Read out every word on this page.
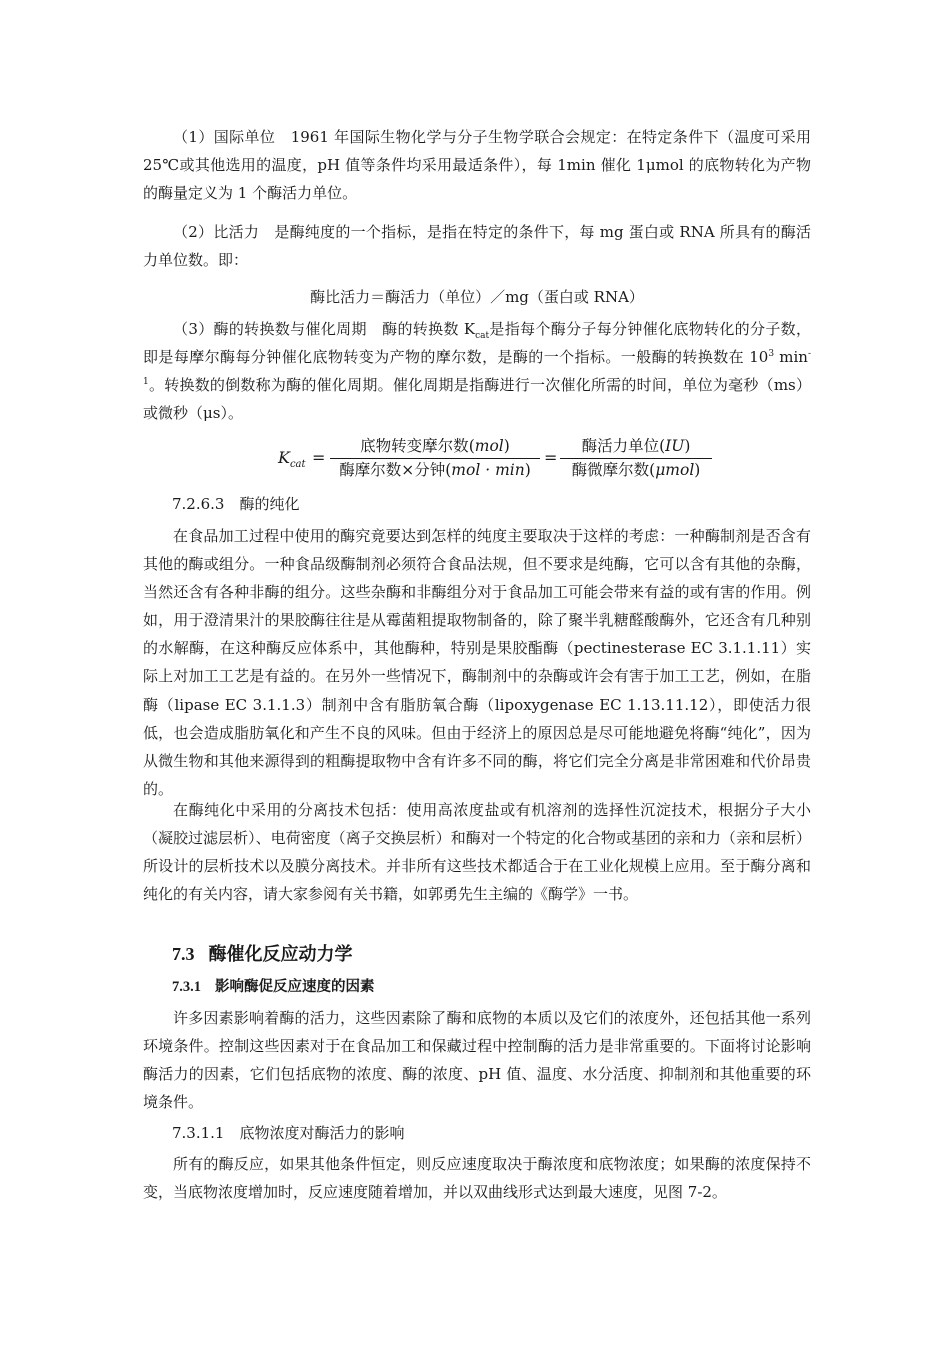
（1）国际单位　1961 年国际生物化学与分子生物学联合会规定：在特定条件下（温度可采用 25℃或其他选用的温度，pH 值等条件均采用最适条件），每 1min 催化 1μmol 的底物转化为产物的酶量定义为 1 个酶活力单位。

（2）比活力　是酶纯度的一个指标，是指在特定的条件下，每 mg 蛋白或 RNA 所具有的酶活力单位数。即：

酶比活力＝酶活力（单位）／mg（蛋白或 RNA）

（3）酶的转换数与催化周期　酶的转换数 $K_{cat}$是指每个酶分子每分钟催化底物转化的分子数，即是每摩尔酶每分钟催化底物转变为产物的摩尔数，是酶的一个指标。一般酶的转换数在 $10^3$ $\min^{-1}$。转换数的倒数称为酶的催化周期。催化周期是指酶进行一次催化所需的时间，单位为毫秒（ms）或微秒（μs）。

$K_{cat}$ =
底物转变摩尔数(mol)
酶摩尔数×分钟(mol · min)
=
酶活力单位(IU)
酶微摩尔数(μmol)

7.2.6.3　酶的纯化

在食品加工过程中使用的酶究竟要达到怎样的纯度主要取决于这样的考虑：一种酶制剂是否含有其他的酶或组分。一种食品级酶制剂必须符合食品法规，但不要求是纯酶，它可以含有其他的杂酶，当然还含有各种非酶的组分。这些杂酶和非酶组分对于食品加工可能会带来有益的或有害的作用。例如，用于澄清果汁的果胶酶往往是从霉菌粗提取物制备的，除了聚半乳糖醛酸酶外，它还含有几种别的水解酶，在这种酶反应体系中，其他酶种，特别是果胶酯酶（pectinesterase EC 3.1.1.11）实际上对加工工艺是有益的。在另外一些情况下，酶制剂中的杂酶或许会有害于加工工艺，例如，在脂酶（lipase EC 3.1.1.3）制剂中含有脂肪氧合酶（lipoxygenase EC 1.13.11.12），即使活力很低，也会造成脂肪氧化和产生不良的风味。但由于经济上的原因总是尽可能地避免将酶“纯化”，因为从微生物和其他来源得到的粗酶提取物中含有许多不同的酶，将它们完全分离是非常困难和代价昂贵的。

在酶纯化中采用的分离技术包括：使用高浓度盐或有机溶剂的选择性沉淀技术，根据分子大小（凝胶过滤层析）、电荷密度（离子交换层析）和酶对一个特定的化合物或基团的亲和力（亲和层析）所设计的层析技术以及膜分离技术。并非所有这些技术都适合于在工业化规模上应用。至于酶分离和纯化的有关内容，请大家参阅有关书籍，如郭勇先生主编的《酶学》一书。

7.3 酶催化反应动力学

7.3.1 影响酶促反应速度的因素

许多因素影响着酶的活力，这些因素除了酶和底物的本质以及它们的浓度外，还包括其他一系列环境条件。控制这些因素对于在食品加工和保藏过程中控制酶的活力是非常重要的。下面将讨论影响酶活力的因素，它们包括底物的浓度、酶的浓度、pH 值、温度、水分活度、抑制剂和其他重要的环境条件。

7.3.1.1　底物浓度对酶活力的影响

所有的酶反应，如果其他条件恒定，则反应速度取决于酶浓度和底物浓度；如果酶的浓度保持不变，当底物浓度增加时，反应速度随着增加，并以双曲线形式达到最大速度，见图 7-2。
